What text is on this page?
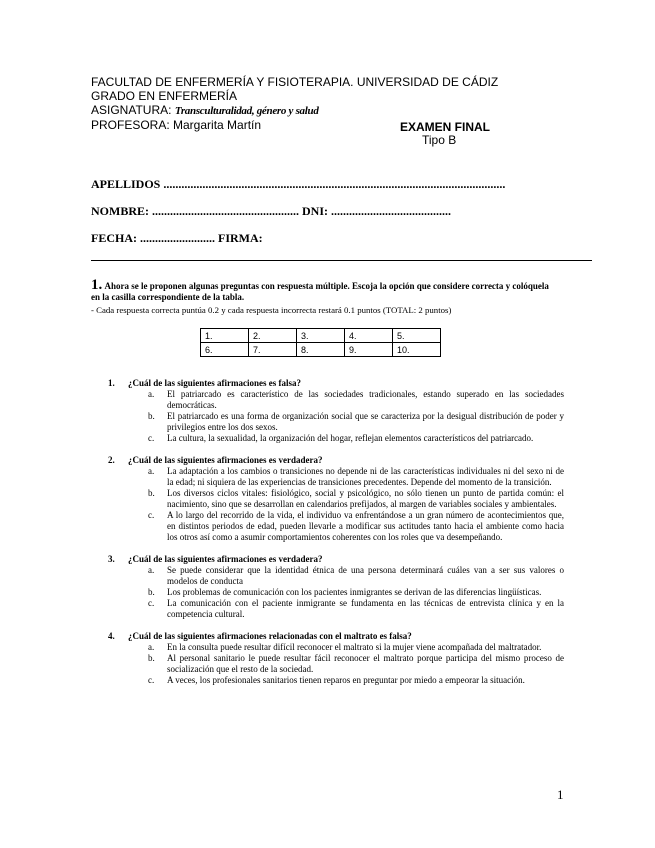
FACULTAD DE ENFERMERÍA Y FISIOTERAPIA. UNIVERSIDAD DE CÁDIZ
GRADO EN ENFERMERÍA
ASIGNATURA: Transculturalidad, género y salud
PROFESORA: Margarita Martín	EXAMEN FINAL
Tipo B
APELLIDOS ..................................................................................................................
NOMBRE: ................................................. DNI: ........................................
FECHA: ......................... FIRMA:
1. Ahora se le proponen algunas preguntas con respuesta múltiple. Escoja la opción que considere correcta y colóquela en la casilla correspondiente de la tabla.
- Cada respuesta correcta puntúa 0.2 y cada respuesta incorrecta restará 0.1 puntos (TOTAL: 2 puntos)
1.	2.	3.	4.	5.
6.	7.	8.	9.	10.
1.	¿Cuál de las siguientes afirmaciones es falsa?
a.	El patriarcado es característico de las sociedades tradicionales, estando superado en las sociedades democráticas.
b.	El patriarcado es una forma de organización social que se caracteriza por la desigual distribución de poder y privilegios entre los dos sexos.
c.	La cultura, la sexualidad, la organización del hogar, reflejan elementos característicos del patriarcado.
2.	¿Cuál de las siguientes afirmaciones es verdadera?
a.	La adaptación a los cambios o transiciones no depende ni de las características individuales ni del sexo ni de la edad; ni siquiera de las experiencias de transiciones precedentes. Depende del momento de la transición.
b.	Los diversos ciclos vitales: fisiológico, social y psicológico, no sólo tienen un punto de partida común: el nacimiento, sino que se desarrollan en calendarios prefijados, al margen de variables sociales y ambientales.
c.	A lo largo del recorrido de la vida, el individuo va enfrentándose a un gran número de acontecimientos que, en distintos periodos de edad, pueden llevarle a modificar sus actitudes tanto hacia el ambiente como hacia los otros así como a asumir comportamientos coherentes con los roles que va desempeñando.
3.	¿Cuál de las siguientes afirmaciones es verdadera?
a.	Se puede considerar que la identidad étnica de una persona determinará cuáles van a ser sus valores o modelos de conducta
b.	Los problemas de comunicación con los pacientes inmigrantes se derivan de las diferencias lingüísticas.
c.	La comunicación con el paciente inmigrante se fundamenta en las técnicas de entrevista clínica y en la competencia cultural.
4.	¿Cuál de las siguientes afirmaciones relacionadas con el maltrato es falsa?
a.	En la consulta puede resultar difícil reconocer el maltrato si la mujer viene acompañada del maltratador.
b.	Al personal sanitario le puede resultar fácil reconocer el maltrato porque participa del mismo proceso de socialización que el resto de la sociedad.
c.	A veces, los profesionales sanitarios tienen reparos en preguntar por miedo a empeorar la situación.
1
